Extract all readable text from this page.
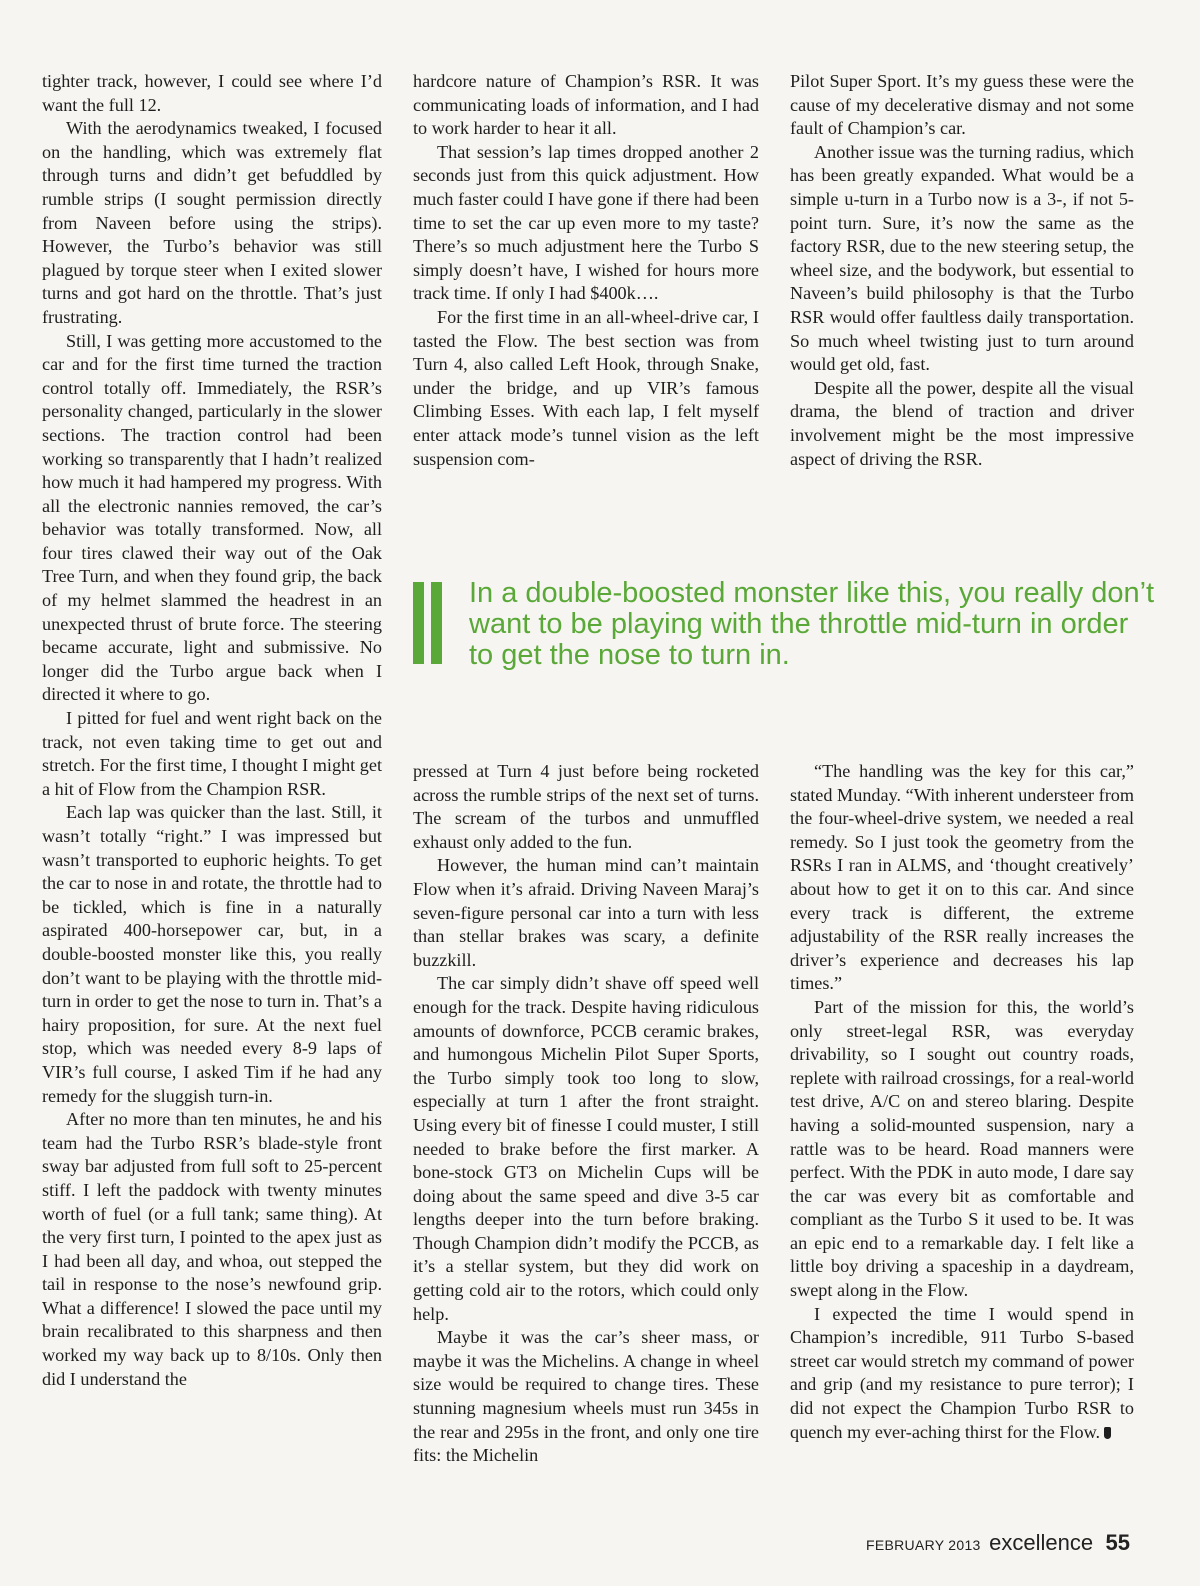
tighter track, however, I could see where I’d want the full 12.

With the aerodynamics tweaked, I focused on the handling, which was extremely flat through turns and didn’t get befuddled by rumble strips (I sought permission directly from Naveen before using the strips). However, the Turbo’s behavior was still plagued by torque steer when I exited slower turns and got hard on the throttle. That’s just frustrating.

Still, I was getting more accustomed to the car and for the first time turned the traction control totally off. Immediately, the RSR’s personality changed, particularly in the slower sections. The traction control had been working so transparently that I hadn’t realized how much it had hampered my progress. With all the electronic nannies removed, the car’s behavior was totally transformed. Now, all four tires clawed their way out of the Oak Tree Turn, and when they found grip, the back of my helmet slammed the headrest in an unexpected thrust of brute force. The steering became accurate, light and submissive. No longer did the Turbo argue back when I directed it where to go.

I pitted for fuel and went right back on the track, not even taking time to get out and stretch. For the first time, I thought I might get a hit of Flow from the Champion RSR.

Each lap was quicker than the last. Still, it wasn’t totally “right.” I was impressed but wasn’t transported to euphoric heights. To get the car to nose in and rotate, the throttle had to be tickled, which is fine in a naturally aspirated 400-horsepower car, but, in a double-boosted monster like this, you really don’t want to be playing with the throttle mid-turn in order to get the nose to turn in. That’s a hairy proposition, for sure. At the next fuel stop, which was needed every 8-9 laps of VIR’s full course, I asked Tim if he had any remedy for the sluggish turn-in.

After no more than ten minutes, he and his team had the Turbo RSR’s blade-style front sway bar adjusted from full soft to 25-percent stiff. I left the paddock with twenty minutes worth of fuel (or a full tank; same thing). At the very first turn, I pointed to the apex just as I had been all day, and whoa, out stepped the tail in response to the nose’s newfound grip. What a difference! I slowed the pace until my brain recalibrated to this sharpness and then worked my way back up to 8/10s. Only then did I understand the

hardcore nature of Champion’s RSR. It was communicating loads of information, and I had to work harder to hear it all.

That session’s lap times dropped another 2 seconds just from this quick adjustment. How much faster could I have gone if there had been time to set the car up even more to my taste? There’s so much adjustment here the Turbo S simply doesn’t have, I wished for hours more track time. If only I had $400k….

For the first time in an all-wheel-drive car, I tasted the Flow. The best section was from Turn 4, also called Left Hook, through Snake, under the bridge, and up VIR’s famous Climbing Esses. With each lap, I felt myself enter attack mode’s tunnel vision as the left suspension com-

Pilot Super Sport. It’s my guess these were the cause of my decelerative dismay and not some fault of Champion’s car.

Another issue was the turning radius, which has been greatly expanded. What would be a simple u-turn in a Turbo now is a 3-, if not 5-point turn. Sure, it’s now the same as the factory RSR, due to the new steering setup, the wheel size, and the bodywork, but essential to Naveen’s build philosophy is that the Turbo RSR would offer faultless daily transportation. So much wheel twisting just to turn around would get old, fast.

Despite all the power, despite all the visual drama, the blend of traction and driver involvement might be the most impressive aspect of driving the RSR.

In a double-boosted monster like this, you really don’t want to be playing with the throttle mid-turn in order to get the nose to turn in.

pressed at Turn 4 just before being rocketed across the rumble strips of the next set of turns. The scream of the turbos and unmuffled exhaust only added to the fun.

However, the human mind can’t maintain Flow when it’s afraid. Driving Naveen Maraj’s seven-figure personal car into a turn with less than stellar brakes was scary, a definite buzzkill.

The car simply didn’t shave off speed well enough for the track. Despite having ridiculous amounts of downforce, PCCB ceramic brakes, and humongous Michelin Pilot Super Sports, the Turbo simply took too long to slow, especially at turn 1 after the front straight. Using every bit of finesse I could muster, I still needed to brake before the first marker. A bone-stock GT3 on Michelin Cups will be doing about the same speed and dive 3-5 car lengths deeper into the turn before braking. Though Champion didn’t modify the PCCB, as it’s a stellar system, but they did work on getting cold air to the rotors, which could only help.

Maybe it was the car’s sheer mass, or maybe it was the Michelins. A change in wheel size would be required to change tires. These stunning magnesium wheels must run 345s in the rear and 295s in the front, and only one tire fits: the Michelin

“The handling was the key for this car,” stated Munday. “With inherent understeer from the four-wheel-drive system, we needed a real remedy. So I just took the geometry from the RSRs I ran in ALMS, and ‘thought creatively’ about how to get it on to this car. And since every track is different, the extreme adjustability of the RSR really increases the driver’s experience and decreases his lap times.”

Part of the mission for this, the world’s only street-legal RSR, was everyday drivability, so I sought out country roads, replete with railroad crossings, for a real-world test drive, A/C on and stereo blaring. Despite having a solid-mounted suspension, nary a rattle was to be heard. Road manners were perfect. With the PDK in auto mode, I dare say the car was every bit as comfortable and compliant as the Turbo S it used to be. It was an epic end to a remarkable day. I felt like a little boy driving a spaceship in a daydream, swept along in the Flow.

I expected the time I would spend in Champion’s incredible, 911 Turbo S-based street car would stretch my command of power and grip (and my resistance to pure terror); I did not expect the Champion Turbo RSR to quench my ever-aching thirst for the Flow.

FEBRUARY 2013 excellence 55
